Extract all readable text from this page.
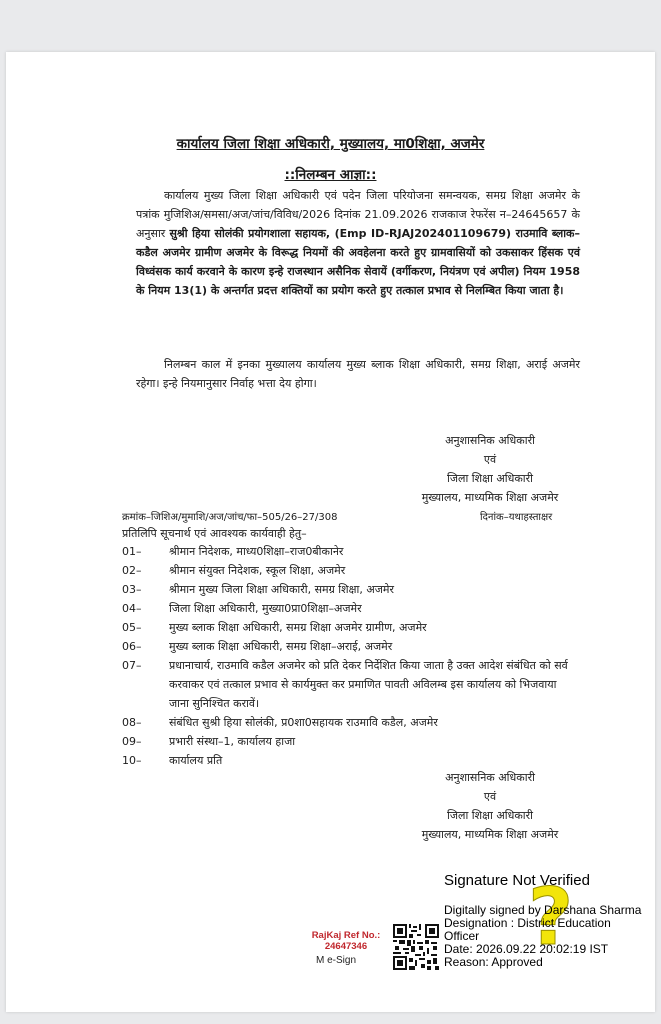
कार्यालय जिला शिक्षा अधिकारी, मुख्यालय, मा0शिक्षा, अजमेर
::निलम्बन आज्ञा::
कार्यालय मुख्य जिला शिक्षा अधिकारी एवं पदेन जिला परियोजना समन्वयक, समग्र शिक्षा अजमेर के पत्रांक मुजिशिअ/समसा/अज/जांच/विविध/2026 दिनांक 21.09.2026 राजकाज रेफरेंस न–24645657 के अनुसार सुश्री हिया सोलंकी प्रयोगशाला सहायक, (Emp ID-RJAJ202401109679) राउमावि ब्लाक–कडैल अजमेर ग्रामीण अजमेर के विरूद्ध नियमों की अवहेलना करते हुए ग्रामवासियों को उकसाकर हिंसक एवं विध्वंसक कार्य करवाने के कारण इन्हे राजस्थान असैनिक सेवायें (वर्गीकरण, नियंत्रण एवं अपील) नियम 1958 के नियम 13(1) के अन्तर्गत प्रदत्त शक्तियों का प्रयोग करते हुए तत्काल प्रभाव से निलम्बित किया जाता है।
निलम्बन काल में इनका मुख्यालय कार्यालय मुख्य ब्लाक शिक्षा अधिकारी, समग्र शिक्षा, अराई अजमेर रहेगा। इन्हे नियमानुसार निर्वाह भत्ता देय होगा।
अनुशासनिक अधिकारी
एवं
जिला शिक्षा अधिकारी
मुख्यालय, माध्यमिक शिक्षा अजमेर
क्रमांक–जिशिअ/मुमाशि/अज/जांच/फा–505/26–27/308	दिनांक–यथाहस्ताक्षर
प्रतिलिपि सूचनार्थ एवं आवश्यक कार्यवाही हेतु–
01–	श्रीमान निदेशक, माध्य0शिक्षा–राज0बीकानेर
02–	श्रीमान संयुक्त निदेशक, स्कूल शिक्षा, अजमेर
03–	श्रीमान मुख्य जिला शिक्षा अधिकारी, समग्र शिक्षा, अजमेर
04–	जिला शिक्षा अधिकारी, मुख्या0प्रा0शिक्षा–अजमेर
05–	मुख्य ब्लाक शिक्षा अधिकारी, समग्र शिक्षा अजमेर ग्रामीण, अजमेर
06–	मुख्य ब्लाक शिक्षा अधिकारी, समग्र शिक्षा–अराई, अजमेर
07–	प्रधानाचार्य, राउमावि कडैल अजमेर को प्रति देकर निर्देशित किया जाता है उक्त आदेश संबंधित को सर्व करवाकर एवं तत्काल प्रभाव से कार्यमुक्त कर प्रमाणित पावती अविलम्ब इस कार्यालय को भिजवाया जाना सुनिश्चित करावें।
08–	संबंधित सुश्री हिया सोलंकी, प्र0शा0सहायक राउमावि कडैल, अजमेर
09–	प्रभारी संस्था–1, कार्यालय हाजा
10–	कार्यालय प्रति
अनुशासनिक अधिकारी
एवं
जिला शिक्षा अधिकारी
मुख्यालय, माध्यमिक शिक्षा अजमेर
?
Signature Not Verified
Digitally signed by Darshana Sharma
Designation : District Education
Officer
Date: 2026.09.22 20:02:19 IST
Reason: Approved
RajKaj Ref No.:
24647346
M e-Sign
